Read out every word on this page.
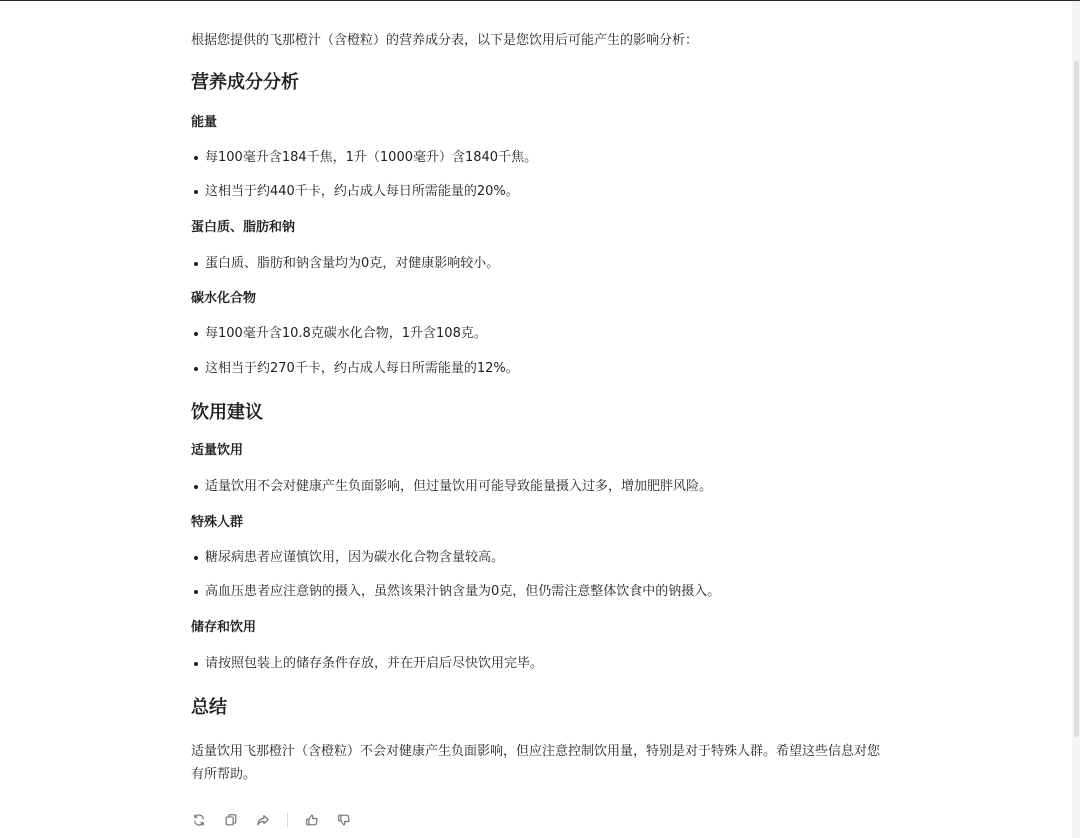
根据您提供的飞那橙汁（含橙粒）的营养成分表，以下是您饮用后可能产生的影响分析：
营养成分分析
能量
每100毫升含184千焦，1升（1000毫升）含1840千焦。
这相当于约440千卡，约占成人每日所需能量的20%。
蛋白质、脂肪和钠
蛋白质、脂肪和钠含量均为0克，对健康影响较小。
碳水化合物
每100毫升含10.8克碳水化合物，1升含108克。
这相当于约270千卡，约占成人每日所需能量的12%。
饮用建议
适量饮用
适量饮用不会对健康产生负面影响，但过量饮用可能导致能量摄入过多，增加肥胖风险。
特殊人群
糖尿病患者应谨慎饮用，因为碳水化合物含量较高。
高血压患者应注意钠的摄入，虽然该果汁钠含量为0克，但仍需注意整体饮食中的钠摄入。
储存和饮用
请按照包装上的储存条件存放，并在开启后尽快饮用完毕。
总结
适量饮用飞那橙汁（含橙粒）不会对健康产生负面影响，但应注意控制饮用量，特别是对于特殊人群。希望这些信息对您有所帮助。
